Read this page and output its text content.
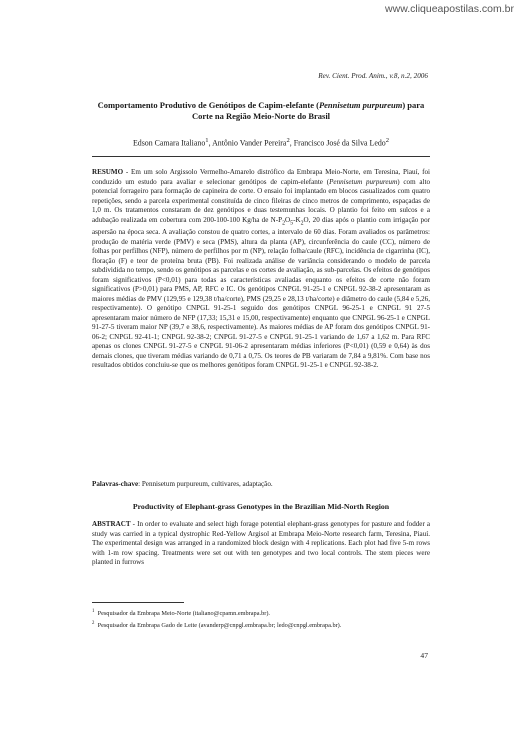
www.cliqueapostilas.com.br
Rev. Cient. Prod. Anim., v.8, n.2, 2006
Comportamento Produtivo de Genótipos de Capim-elefante (Pennisetum purpureum) para Corte na Região Meio-Norte do Brasil
Edson Camara Italiano$^1$, Antônio Vander Pereira$^2$, Francisco José da Silva Ledo$^2$
RESUMO - Em um solo Argissolo Vermelho-Amarelo distrófico da Embrapa Meio-Norte, em Teresina, Piauí, foi conduzido um estudo para avaliar e selecionar genótipos de capim-elefante (Pennisetum purpureum) com alto potencial forrageiro para formação de capineira de corte. O ensaio foi implantado em blocos casualizados com quatro repetições, sendo a parcela experimental constituída de cinco fileiras de cinco metros de comprimento, espaçadas de 1,0 m. Os tratamentos constaram de dez genótipos e duas testemunhas locais. O plantio foi feito em sulcos e a adubação realizada em cobertura com 200-100-100 Kg/ha de $N-P_2O_5-K_2O$, 20 dias após o plantio com irrigação por aspersão na época seca. A avaliação constou de quatro cortes, a intervalo de 60 dias. Foram avaliados os parâmetros: produção de matéria verde (PMV) e seca (PMS), altura da planta (AP), circunferência do caule (CC), número de folhas por perfilhos (NFP), número de perfilhos por m (NP), relação folha/caule (RFC), incidência de cigarrinha (IC), floração (F) e teor de proteína bruta (PB). Foi realizada análise de variância considerando o modelo de parcela subdividida no tempo, sendo os genótipos as parcelas e os cortes de avaliação, as sub-parcelas. Os efeitos de genótipos foram significativos (P<0,01) para todas as características avaliadas enquanto os efeitos de corte não foram significativos (P>0,01) para PMS, AP, RFC e IC. Os genótipos CNPGL 91-25-1 e CNPGL 92-38-2 apresentaram as maiores médias de PMV (129,95 e 129,38 t/ha/corte), PMS (29,25 e 28,13 t/ha/corte) e diâmetro do caule (5,84 e 5,26, respectivamente). O genótipo CNPGL 91-25-1 seguido dos genótipos CNPGL 96-25-1 e CNPGL 91 27-5 apresentaram maior número de NFP (17,33; 15,31 e 15,00, respectivamente) enquanto que CNPGL 96-25-1 e CNPGL 91-27-5 tiveram maior NP (39,7 e 38,6, respectivamente). As maiores médias de AP foram dos genótipos CNPGL 91-06-2; CNPGL 92-41-1; CNPGL 92-38-2; CNPGL 91-27-5 e CNPGL 91-25-1 variando de 1,67 a 1,62 m. Para RFC apenas os clones CNPGL 91-27-5 e CNPGL 91-06-2 apresentaram médias inferiores (P<0,01) (0,59 e 0,64) às dos demais clones, que tiveram médias variando de 0,71 a 0,75. Os teores de PB variaram de 7,84 a 9,81%. Com base nos resultados obtidos concluiu-se que os melhores genótipos foram CNPGL 91-25-1 e CNPGL 92-38-2.
Palavras-chave: Pennisetum purpureum, cultivares, adaptação.
Productivity of Elephant-grass Genotypes in the Brazilian Mid-North Region
ABSTRACT - In order to evaluate and select high forage potential elephant-grass genotypes for pasture and fodder a study was carried in a typical dystrophic Red-Yellow Argisol at Embrapa Meio-Norte research farm, Teresina, Piauí. The experimental design was arranged in a randomized block design with 4 replications. Each plot had five 5-m rows with 1-m row spacing. Treatments were set out with ten genotypes and two local controls. The stem pieces were planted in furrows
$^1$ Pesquisador da Embrapa Meio-Norte (italiano@cpamn.embrapa.br).
$^2$ Pesquisador da Embrapa Gado de Leite (avanderp@cnpgl.embrapa.br; ledo@cnpgl.embrapa.br).
47
